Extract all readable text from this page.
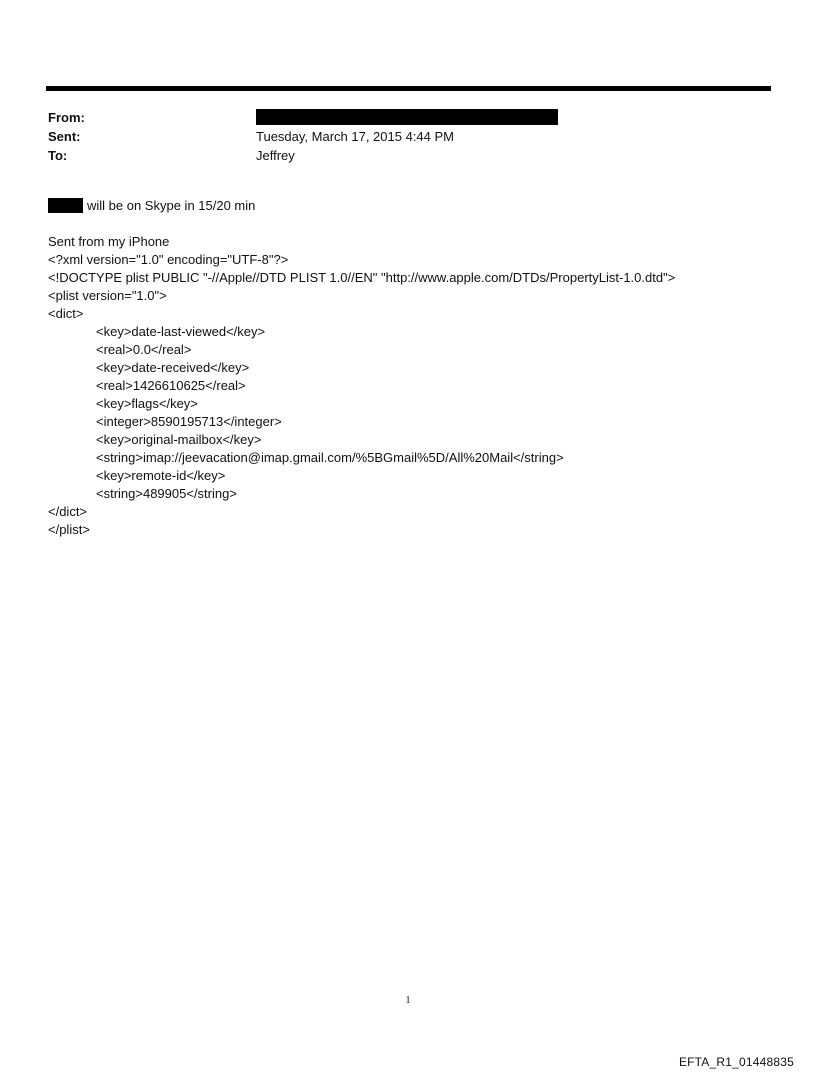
From:
Sent:	Tuesday, March 17, 2015 4:44 PM
To:	Jeffrey
will be on Skype in 15/20 min
Sent from my iPhone
<?xml version="1.0" encoding="UTF-8"?>
<!DOCTYPE plist PUBLIC "-//Apple//DTD PLIST 1.0//EN" "http://www.apple.com/DTDs/PropertyList-1.0.dtd">
<plist version="1.0">
<dict>
<key>date-last-viewed</key>
<real>0.0</real>
<key>date-received</key>
<real>1426610625</real>
<key>flags</key>
<integer>8590195713</integer>
<key>original-mailbox</key>
<string>imap://jeevacation@imap.gmail.com/%5BGmail%5D/All%20Mail</string>
<key>remote-id</key>
<string>489905</string>
</dict>
</plist>
1
EFTA_R1_01448835
